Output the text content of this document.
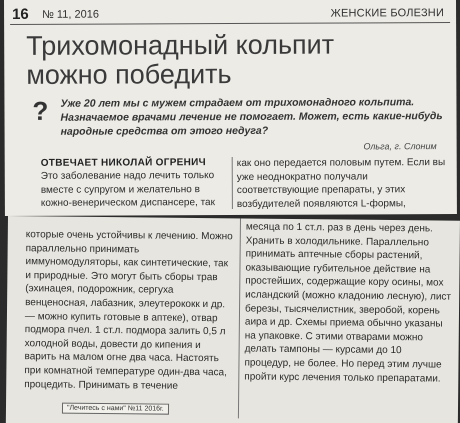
16 № 11, 2016	ЖЕНСКИЕ БОЛЕЗНИ
Трихомонадный кольпит
можно победить
? Уже 20 лет мы с мужем страдаем от трихомонадного кольпита. Назначаемое врачами лечение не помогает. Может, есть какие-нибудь народные средства от этого недуга?

Ольга, г. Слоним
ОТВЕЧАЕТ НИКОЛАЙ ОГРЕНИЧ

Это заболевание надо лечить только вместе с супругом и желательно в кожно-венерическом диспансере, так

как оно передается половым путем. Если вы уже неоднократно получали соответствующие препараты, у этих возбудителей появляются L-формы,

которые очень устойчивы к лечению. Можно параллельно принимать иммуномодуляторы, как синтетические, так и природные. Это могут быть сборы трав (эхинацея, подорожник, сергуха венценосная, лабазник, элеутерококк и др. — можно купить готовые в аптеке), отвар подмора пчел. 1 ст.л. подмора залить 0,5 л холодной воды, довести до кипения и варить на малом огне два часа. Настоять при комнатной температуре один-два часа, процедить. Принимать в течение

месяца по 1 ст.л. раз в день через день. Хранить в холодильнике. Параллельно принимать аптечные сборы растений, оказывающие губительное действие на простейших, содержащие кору осины, мох исландский (можно кладонию лесную), лист березы, тысячелистник, зверобой, корень аира и др. Схемы приема обычно указаны на упаковке. С этими отварами можно делать тампоны — курсами до 10 процедур, не более. Но перед этим лучше пройти курс лечения только препаратами.

"Лечитесь с нами" №11 2016г.
